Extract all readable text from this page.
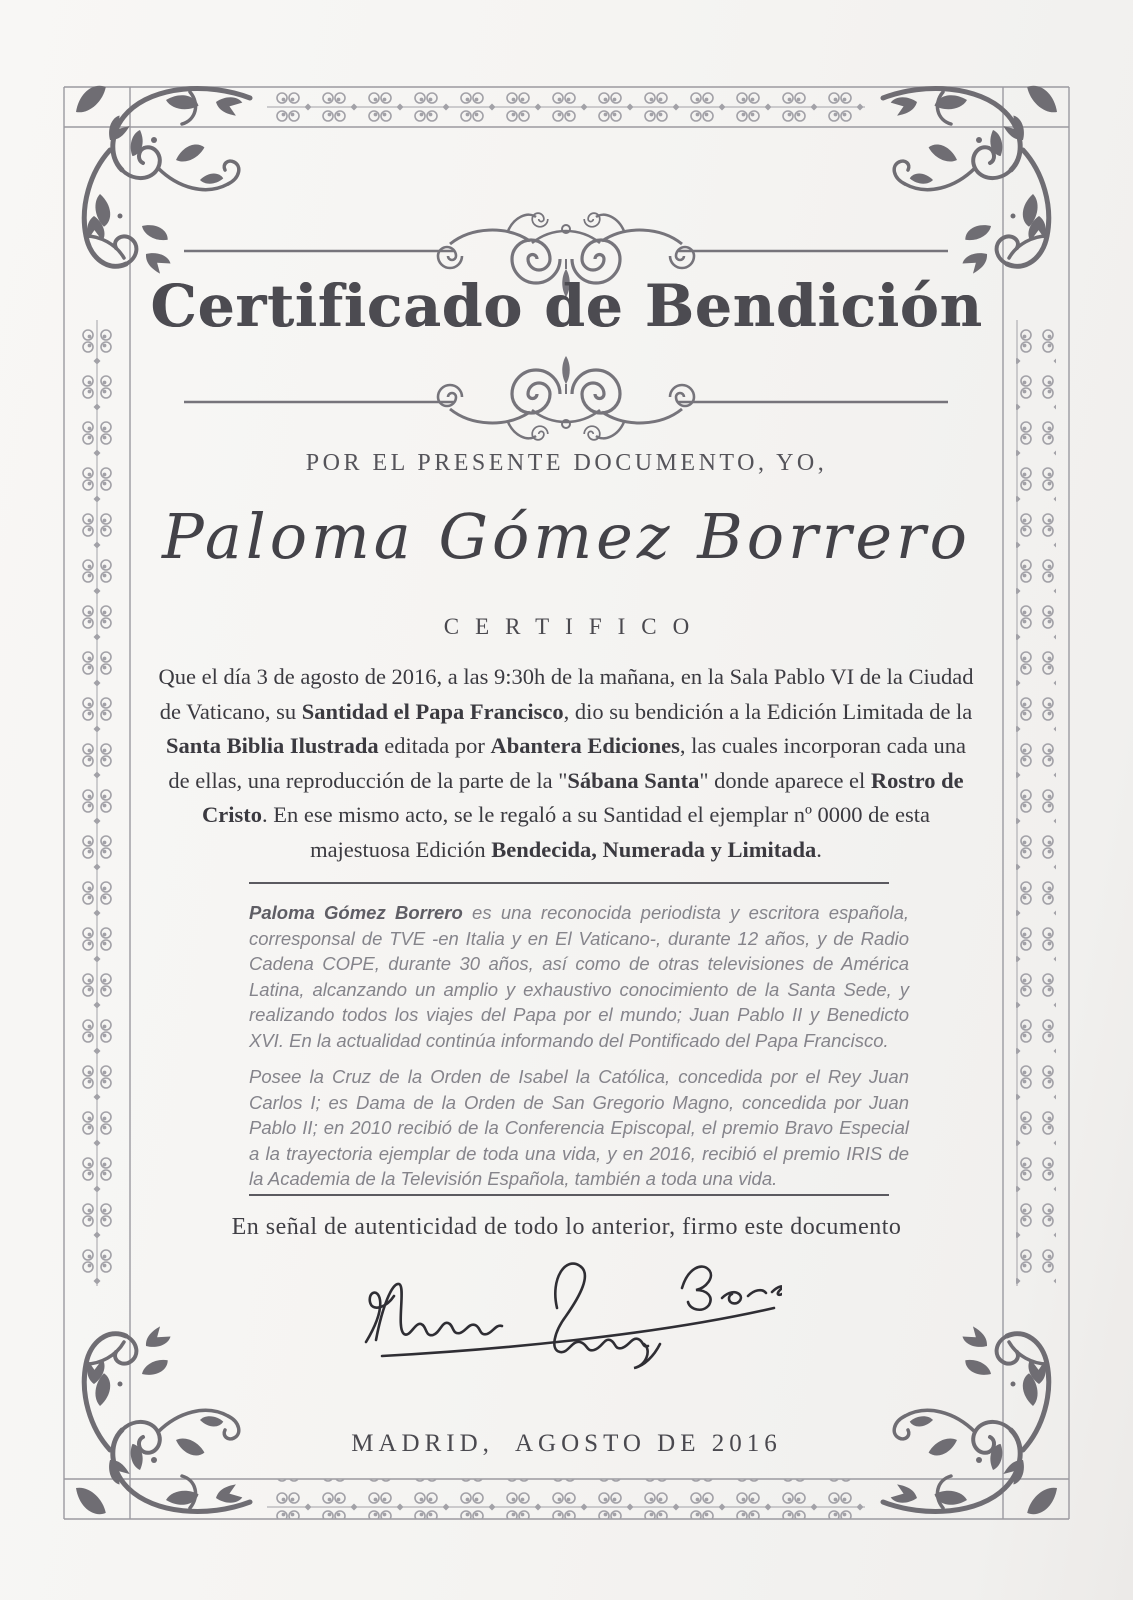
Certificado de Bendición
POR EL PRESENTE DOCUMENTO, YO,
Paloma Gómez Borrero
CERTIFICO
Que el día 3 de agosto de 2016, a las 9:30h de la mañana, en la Sala Pablo VI de la Ciudad de Vaticano, su Santidad el Papa Francisco, dio su bendición a la Edición Limitada de la Santa Biblia Ilustrada editada por Abantera Ediciones, las cuales incorporan cada una de ellas, una reproducción de la parte de la "Sábana Santa" donde aparece el Rostro de Cristo. En ese mismo acto, se le regaló a su Santidad el ejemplar nº 0000 de esta majestuosa Edición Bendecida, Numerada y Limitada.
Paloma Gómez Borrero es una reconocida periodista y escritora española, corresponsal de TVE -en Italia y en El Vaticano-, durante 12 años, y de Radio Cadena COPE, durante 30 años, así como de otras televisiones de América Latina, alcanzando un amplio y exhaustivo conocimiento de la Santa Sede, y realizando todos los viajes del Papa por el mundo; Juan Pablo II y Benedicto XVI. En la actualidad continúa informando del Pontificado del Papa Francisco.
Posee la Cruz de la Orden de Isabel la Católica, concedida por el Rey Juan Carlos I; es Dama de la Orden de San Gregorio Magno, concedida por Juan Pablo II; en 2010 recibió de la Conferencia Episcopal, el premio Bravo Especial a la trayectoria ejemplar de toda una vida, y en 2016, recibió el premio IRIS de la Academia de la Televisión Española, también a toda una vida.
En señal de autenticidad de todo lo anterior, firmo este documento
MADRID,  AGOSTO DE 2016
